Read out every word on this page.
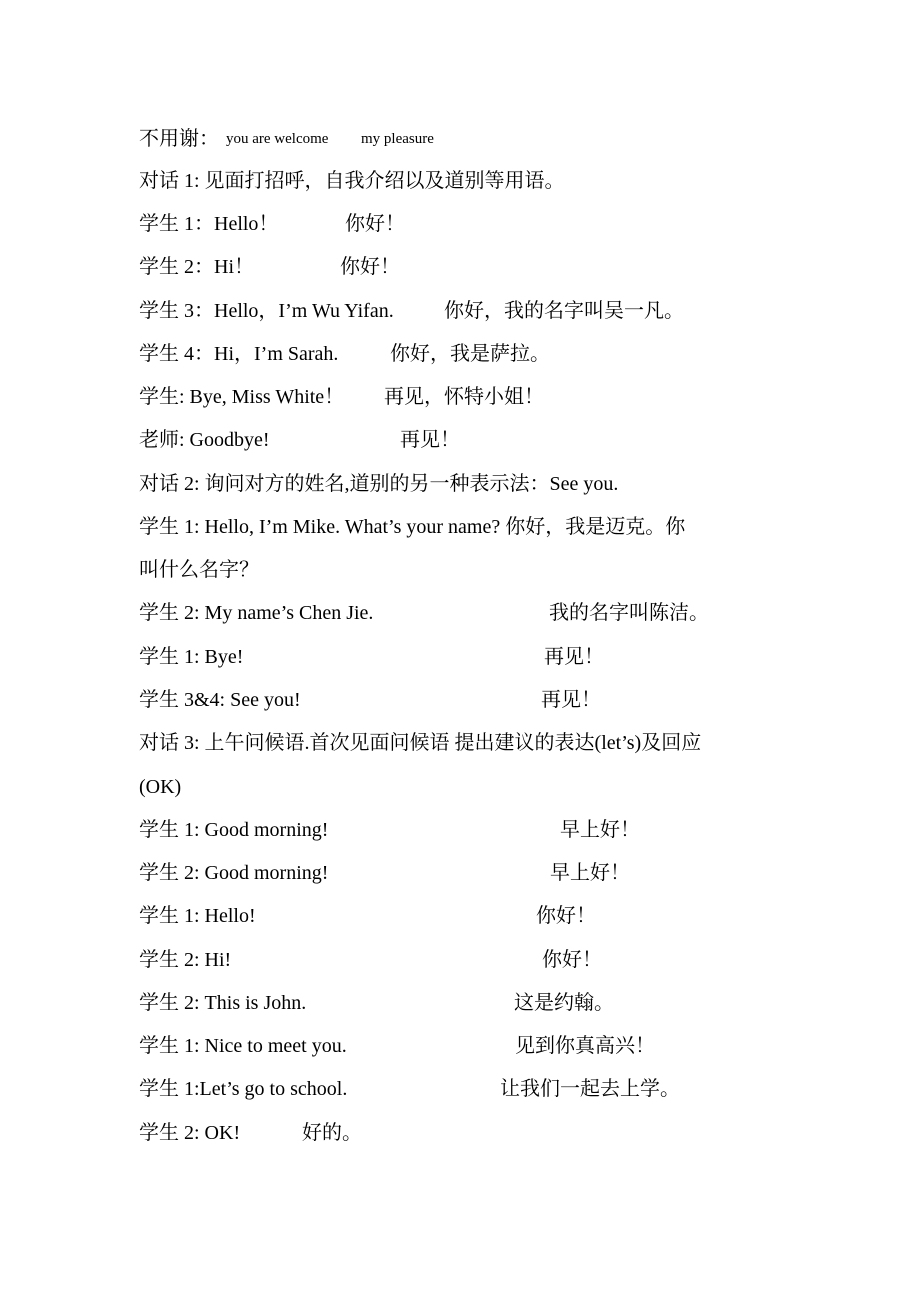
不用谢： you are welcome my pleasure
对话 1: 见面打招呼，自我介绍以及道别等用语。
学生 1：Hello！	你好！
学生 2：Hi！	你好！
学生 3：Hello，I’m Wu Yifan.	你好，我的名字叫吴一凡。
学生 4：Hi，I’m Sarah.	你好，我是萨拉。
学生: Bye, Miss White！ 再见，怀特小姐！
老师: Goodbye!	再见！
对话 2: 询问对方的姓名,道别的另一种表示法：See you.
学生 1: Hello, I’m Mike. What’s your name? 你好，我是迈克。你
叫什么名字？
学生 2: My name’s Chen Jie.	我的名字叫陈洁。
学生 1: Bye!	再见！
学生 3&4: See you!	再见！
对话 3: 上午问候语.首次见面问候语 提出建议的表达(let’s)及回应
(OK)
学生 1: Good morning!	早上好！
学生 2: Good morning!	早上好！
学生 1: Hello!	你好！
学生 2: Hi!	你好！
学生 2: This is John.	这是约翰。
学生 1: Nice to meet you.	见到你真高兴！
学生 1:Let’s go to school.	让我们一起去上学。
学生 2: OK!	好的。
